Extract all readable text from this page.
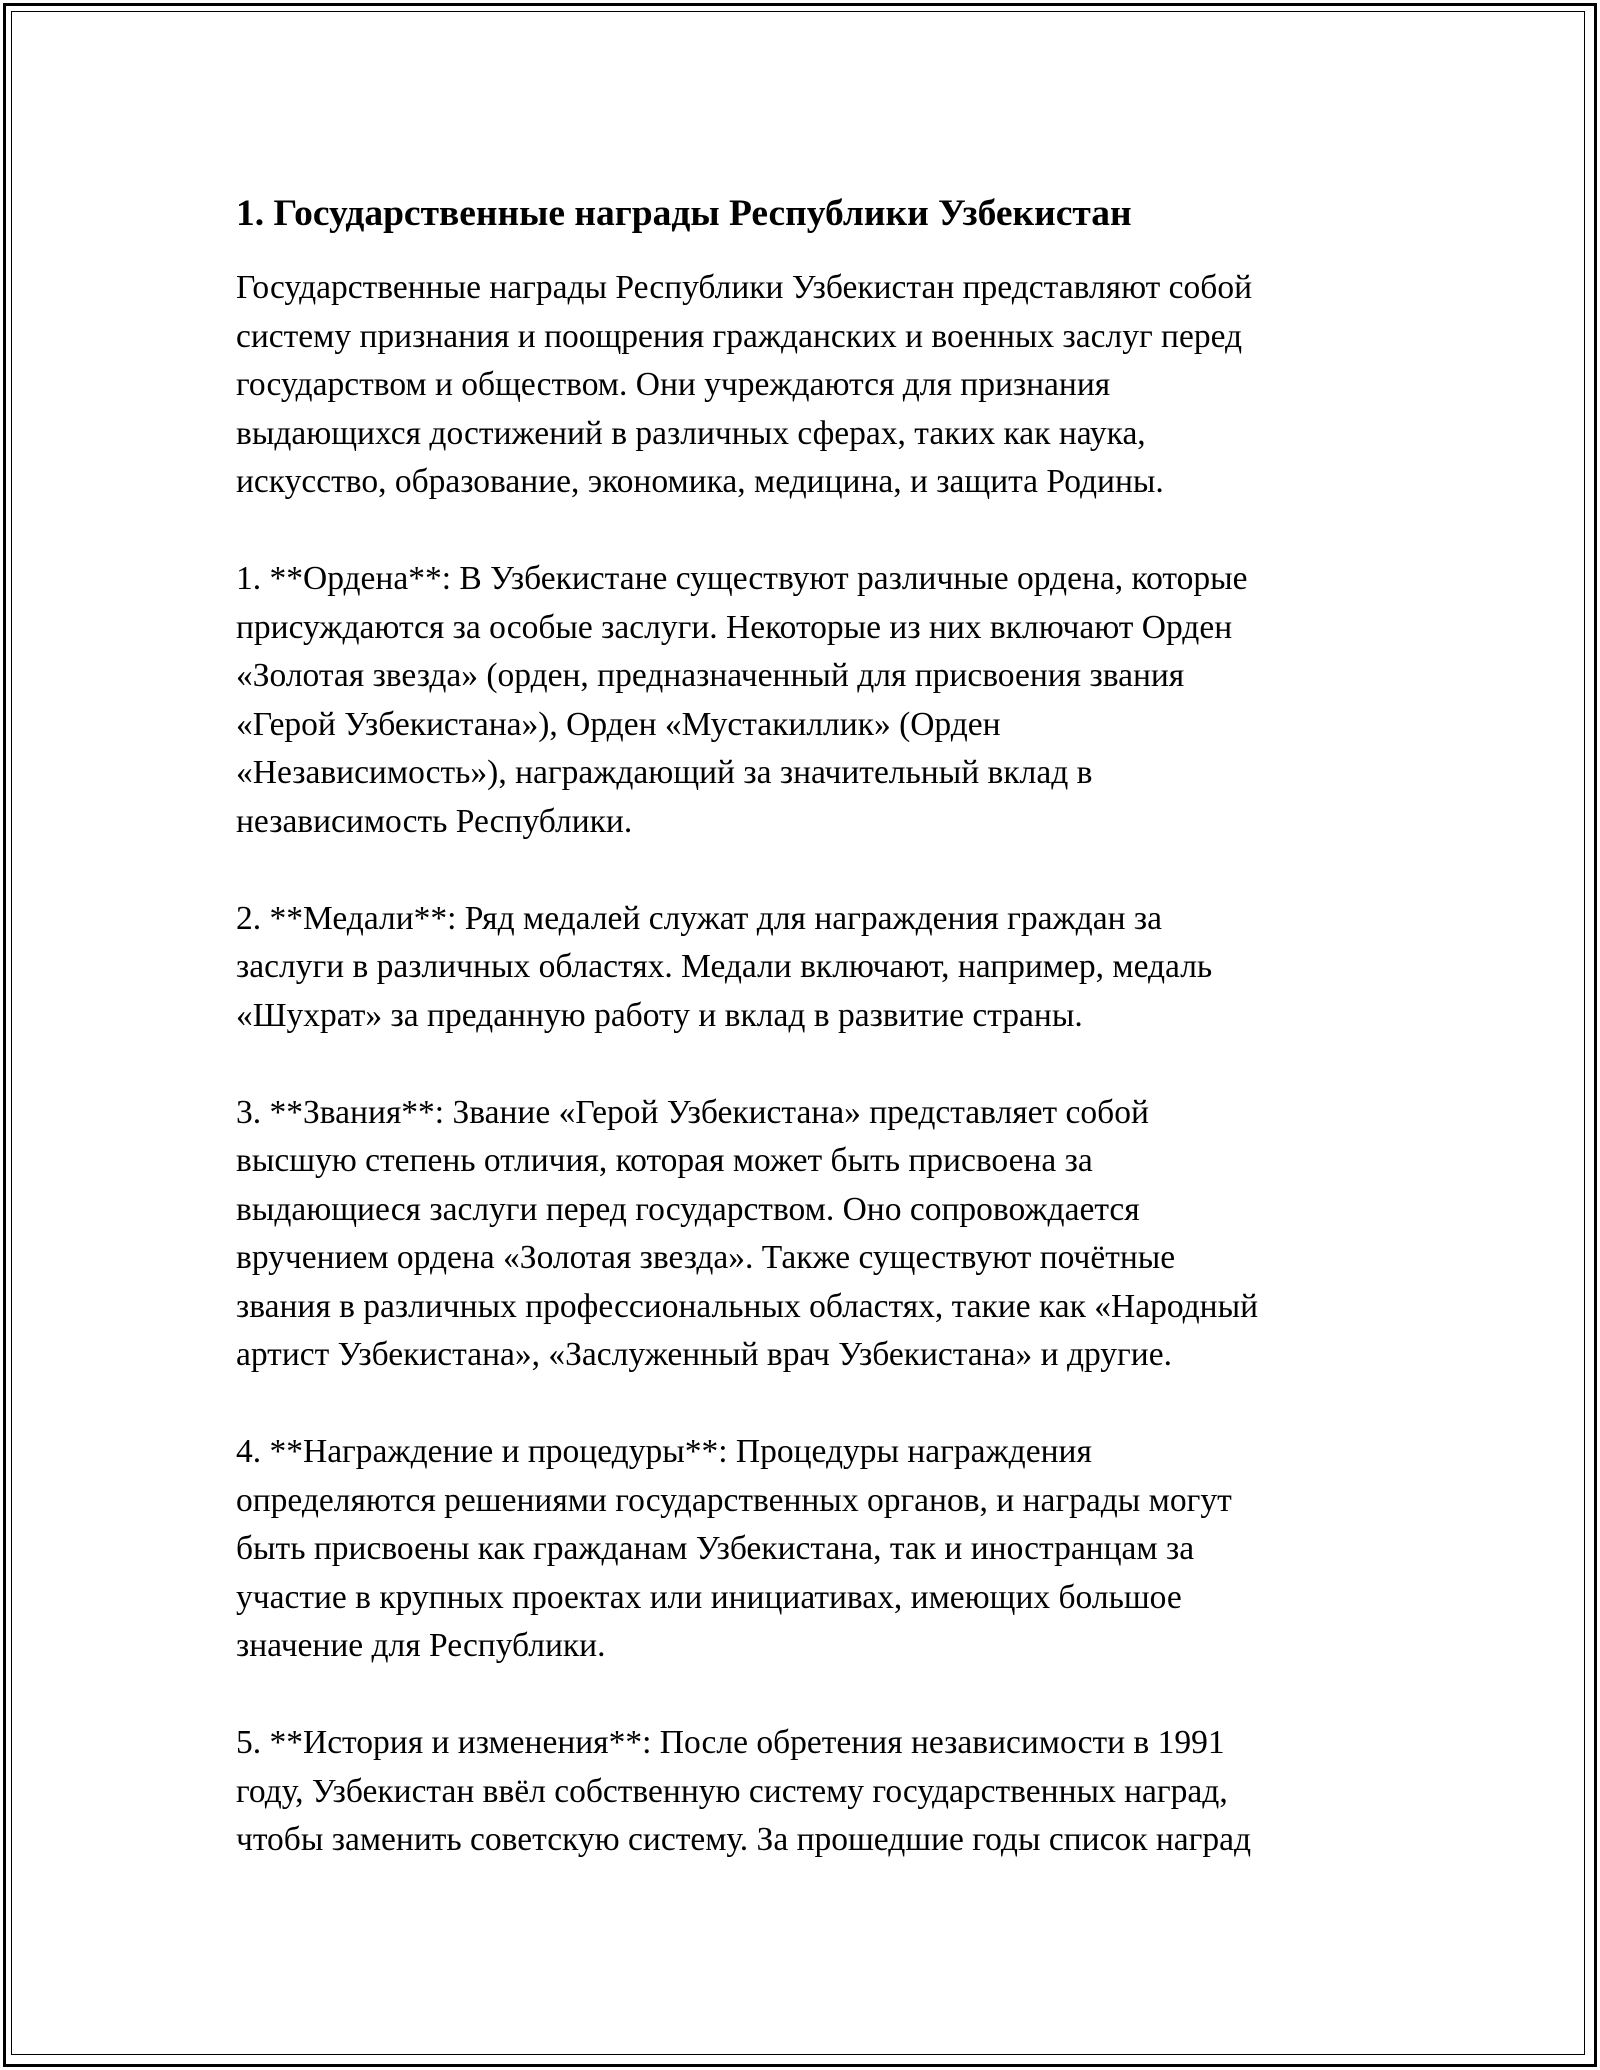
1. Государственные награды Республики Узбекистан

Государственные награды Республики Узбекистан представляют собой
систему признания и поощрения гражданских и военных заслуг перед
государством и обществом. Они учреждаются для признания
выдающихся достижений в различных сферах, таких как наука,
искусство, образование, экономика, медицина, и защита Родины.

1. **Ордена**: В Узбекистане существуют различные ордена, которые
присуждаются за особые заслуги. Некоторые из них включают Орден
«Золотая звезда» (орден, предназначенный для присвоения звания
«Герой Узбекистана»), Орден «Мустакиллик» (Орден
«Независимость»), награждающий за значительный вклад в
независимость Республики.

2. **Медали**: Ряд медалей служат для награждения граждан за
заслуги в различных областях. Медали включают, например, медаль
«Шухрат» за преданную работу и вклад в развитие страны.

3. **Звания**: Звание «Герой Узбекистана» представляет собой
высшую степень отличия, которая может быть присвоена за
выдающиеся заслуги перед государством. Оно сопровождается
вручением ордена «Золотая звезда». Также существуют почётные
звания в различных профессиональных областях, такие как «Народный
артист Узбекистана», «Заслуженный врач Узбекистана» и другие.

4. **Награждение и процедуры**: Процедуры награждения
определяются решениями государственных органов, и награды могут
быть присвоены как гражданам Узбекистана, так и иностранцам за
участие в крупных проектах или инициативах, имеющих большое
значение для Республики.

5. **История и изменения**: После обретения независимости в 1991
году, Узбекистан ввёл собственную систему государственных наград,
чтобы заменить советскую систему. За прошедшие годы список наград
